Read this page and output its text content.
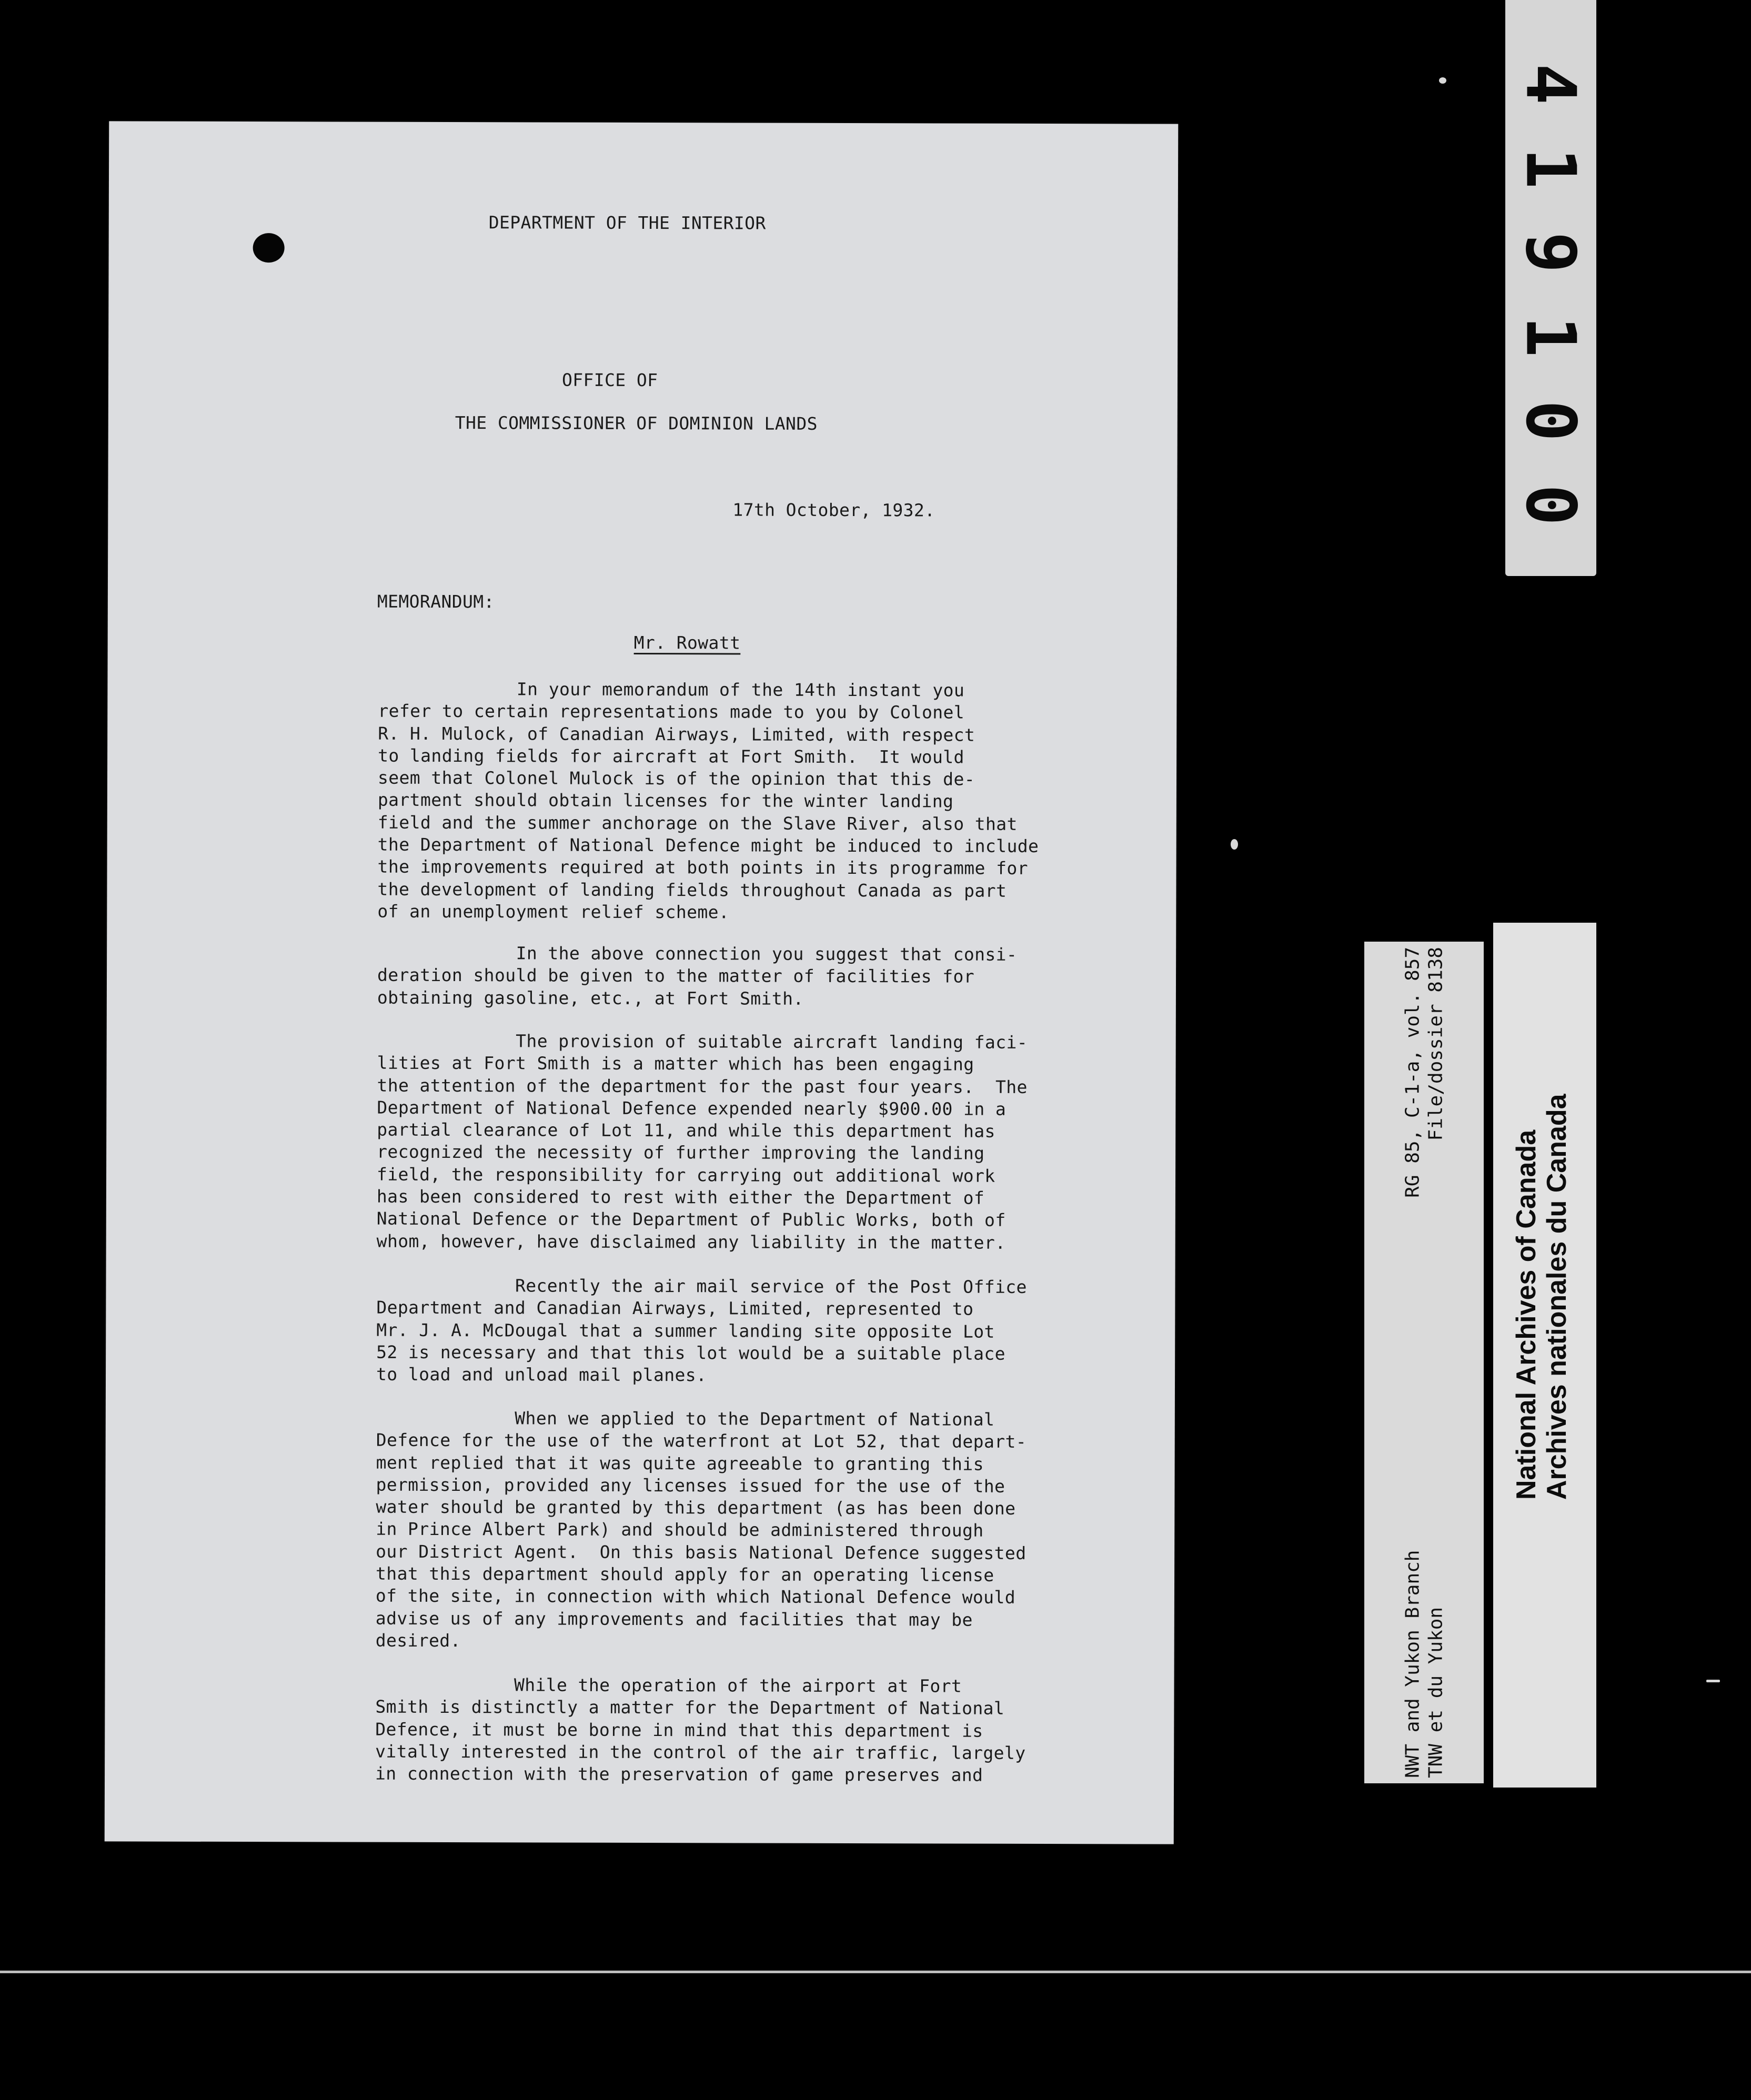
DEPARTMENT OF THE INTERIOR
OFFICE OF
THE COMMISSIONER OF DOMINION LANDS
17th October, 1932.
MEMORANDUM:
Mr. Rowatt
In your memorandum of the 14th instant you
refer to certain representations made to you by Colonel
R. H. Mulock, of Canadian Airways, Limited, with respect
to landing fields for aircraft at Fort Smith.  It would
seem that Colonel Mulock is of the opinion that this de-
partment should obtain licenses for the winter landing
field and the summer anchorage on the Slave River, also that
the Department of National Defence might be induced to include
the improvements required at both points in its programme for
the development of landing fields throughout Canada as part
of an unemployment relief scheme.
In the above connection you suggest that consi-
deration should be given to the matter of facilities for
obtaining gasoline, etc., at Fort Smith.
The provision of suitable aircraft landing faci-
lities at Fort Smith is a matter which has been engaging
the attention of the department for the past four years.  The
Department of National Defence expended nearly $900.00 in a
partial clearance of Lot 11, and while this department has
recognized the necessity of further improving the landing
field, the responsibility for carrying out additional work
has been considered to rest with either the Department of
National Defence or the Department of Public Works, both of
whom, however, have disclaimed any liability in the matter.
Recently the air mail service of the Post Office
Department and Canadian Airways, Limited, represented to
Mr. J. A. McDougal that a summer landing site opposite Lot
52 is necessary and that this lot would be a suitable place
to load and unload mail planes.
When we applied to the Department of National
Defence for the use of the waterfront at Lot 52, that depart-
ment replied that it was quite agreeable to granting this
permission, provided any licenses issued for the use of the
water should be granted by this department (as has been done
in Prince Albert Park) and should be administered through
our District Agent.  On this basis National Defence suggested
that this department should apply for an operating license
of the site, in connection with which National Defence would
advise us of any improvements and facilities that may be
desired.
While the operation of the airport at Fort
Smith is distinctly a matter for the Department of National
Defence, it must be borne in mind that this department is
vitally interested in the control of the air traffic, largely
in connection with the preservation of game preserves and
4
1
9
1
0
0
NWT and Yukon Branch TNW et du Yukon
RG 85, C-1-a, vol. 857 File/dossier 8138
National Archives of Canada Archives nationales du Canada
